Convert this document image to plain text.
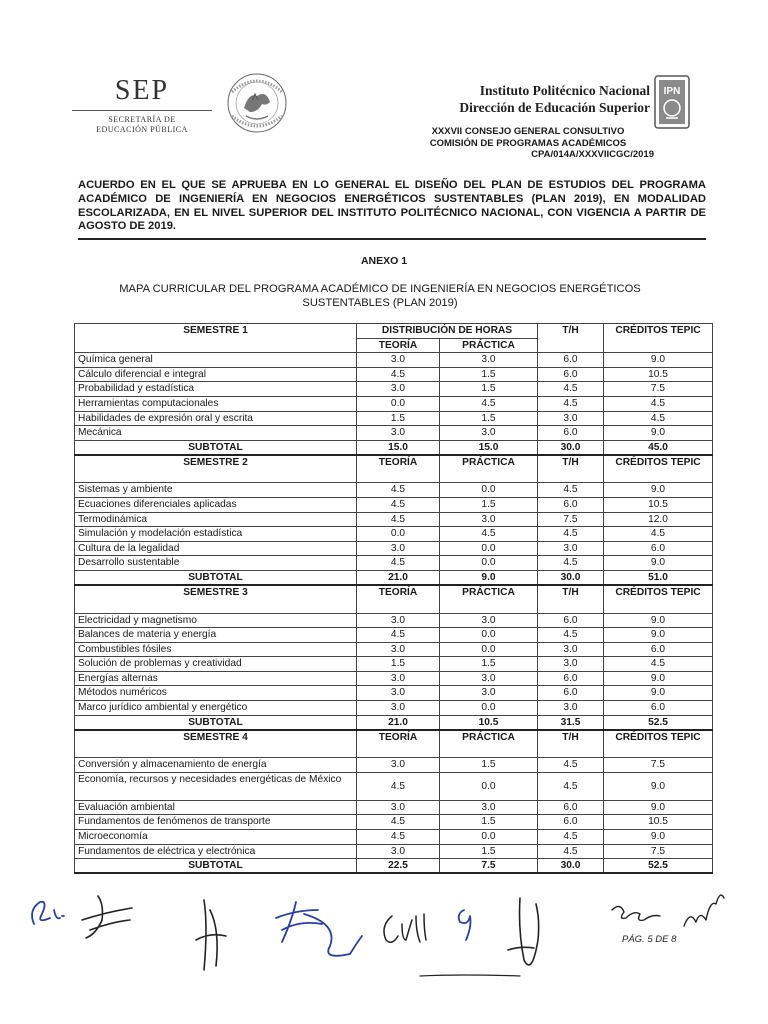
SEP
SECRETARÍA DE
EDUCACIÓN PÚBLICA
Instituto Politécnico Nacional
Dirección de Educación Superior
IPN
XXXVII CONSEJO GENERAL CONSULTIVO
COMISIÓN DE PROGRAMAS ACADÉMICOS
CPA/014A/XXXVIICGC/2019
ACUERDO EN EL QUE SE APRUEBA EN LO GENERAL EL DISEÑO DEL PLAN DE ESTUDIOS DEL PROGRAMA ACADÉMICO DE INGENIERÍA EN NEGOCIOS ENERGÉTICOS SUSTENTABLES (PLAN 2019), EN MODALIDAD ESCOLARIZADA, EN EL NIVEL SUPERIOR DEL INSTITUTO POLITÉCNICO NACIONAL, CON VIGENCIA A PARTIR DE AGOSTO DE 2019.
ANEXO 1
MAPA CURRICULAR DEL PROGRAMA ACADÉMICO DE INGENIERÍA EN NEGOCIOS ENERGÉTICOS
SUSTENTABLES (PLAN 2019)
SEMESTRE 1	DISTRIBUCIÓN DE HORAS		T/H	CRÉDITOS TEPIC
	TEORÍA	PRÁCTICA		
Química general	3.0	3.0	6.0	9.0
Cálculo diferencial e integral	4.5	1.5	6.0	10.5
Probabilidad y estadística	3.0	1.5	4.5	7.5
Herramientas computacionales	0.0	4.5	4.5	4.5
Habilidades de expresión oral y escrita	1.5	1.5	3.0	4.5
Mecánica	3.0	3.0	6.0	9.0
SUBTOTAL	15.0	15.0	30.0	45.0
SEMESTRE 2	TEORÍA	PRÁCTICA	T/H	CRÉDITOS TEPIC
Sistemas y ambiente	4.5	0.0	4.5	9.0
Ecuaciones diferenciales aplicadas	4.5	1.5	6.0	10.5
Termodinámica	4.5	3.0	7.5	12.0
Simulación y modelación estadística	0.0	4.5	4.5	4.5
Cultura de la legalidad	3.0	0.0	3.0	6.0
Desarrollo sustentable	4.5	0.0	4.5	9.0
SUBTOTAL	21.0	9.0	30.0	51.0
SEMESTRE 3	TEORÍA	PRÁCTICA	T/H	CRÉDITOS TEPIC
Electricidad y magnetismo	3.0	3.0	6.0	9.0
Balances de materia y energía	4.5	0.0	4.5	9.0
Combustibles fósiles	3.0	0.0	3.0	6.0
Solución de problemas y creatividad	1.5	1.5	3.0	4.5
Energías alternas	3.0	3.0	6.0	9.0
Métodos numéricos	3.0	3.0	6.0	9.0
Marco jurídico ambiental y energético	3.0	0.0	3.0	6.0
SUBTOTAL	21.0	10.5	31.5	52.5
SEMESTRE 4	TEORÍA	PRÁCTICA	T/H	CRÉDITOS TEPIC
Conversión y almacenamiento de energía	3.0	1.5	4.5	7.5
Economía, recursos y necesidades energéticas de México	4.5	0.0	4.5	9.0
Evaluación ambiental	3.0	3.0	6.0	9.0
Fundamentos de fenómenos de transporte	4.5	1.5	6.0	10.5
Microeconomía	4.5	0.0	4.5	9.0
Fundamentos de eléctrica y electrónica	3.0	1.5	4.5	7.5
SUBTOTAL	22.5	7.5	30.0	52.5
PÁG. 5 DE 8
